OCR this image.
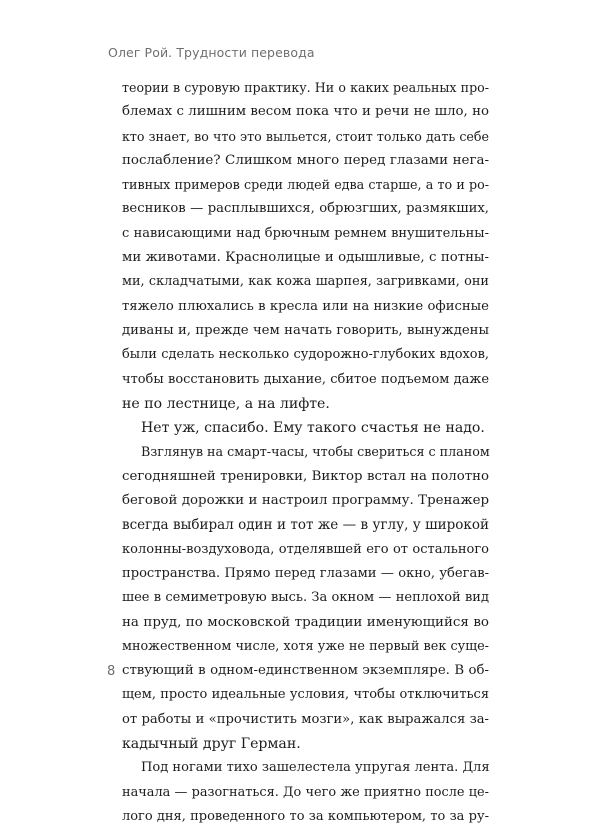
Олег Рой. Трудности перевода
теории в суровую практику. Ни о каких реальных про-
блемах с лишним весом пока что и речи не шло, но
кто знает, во что это выльется, стоит только дать себе
послабление? Слишком много перед глазами нега-
тивных примеров среди людей едва старше, а то и ро-
весников — расплывшихся, обрюзгших, размякших,
с нависающими над брючным ремнем внушительны-
ми животами. Краснолицые и одышливые, с потны-
ми, складчатыми, как кожа шарпея, загривками, они
тяжело плюхались в кресла или на низкие офисные
диваны и, прежде чем начать говорить, вынуждены
были сделать несколько судорожно-глубоких вдохов,
чтобы восстановить дыхание, сбитое подъемом даже
не по лестнице, а на лифте.
Нет уж, спасибо. Ему такого счастья не надо.
Взглянув на смарт-часы, чтобы свериться с планом
сегодняшней тренировки, Виктор встал на полотно
беговой дорожки и настроил программу. Тренажер
всегда выбирал один и тот же — в углу, у широкой
колонны-воздуховода, отделявшей его от остального
пространства. Прямо перед глазами — окно, убегав-
шее в семиметровую высь. За окном — неплохой вид
на пруд, по московской традиции именующийся во
множественном числе, хотя уже не первый век суще-
ствующий в одном-единственном экземпляре. В об-
щем, просто идеальные условия, чтобы отключиться
от работы и «прочистить мозги», как выражался за-
кадычный друг Герман.
Под ногами тихо зашелестела упругая лента. Для
начала — разогнаться. До чего же приятно после це-
лого дня, проведенного то за компьютером, то за ру-
8
